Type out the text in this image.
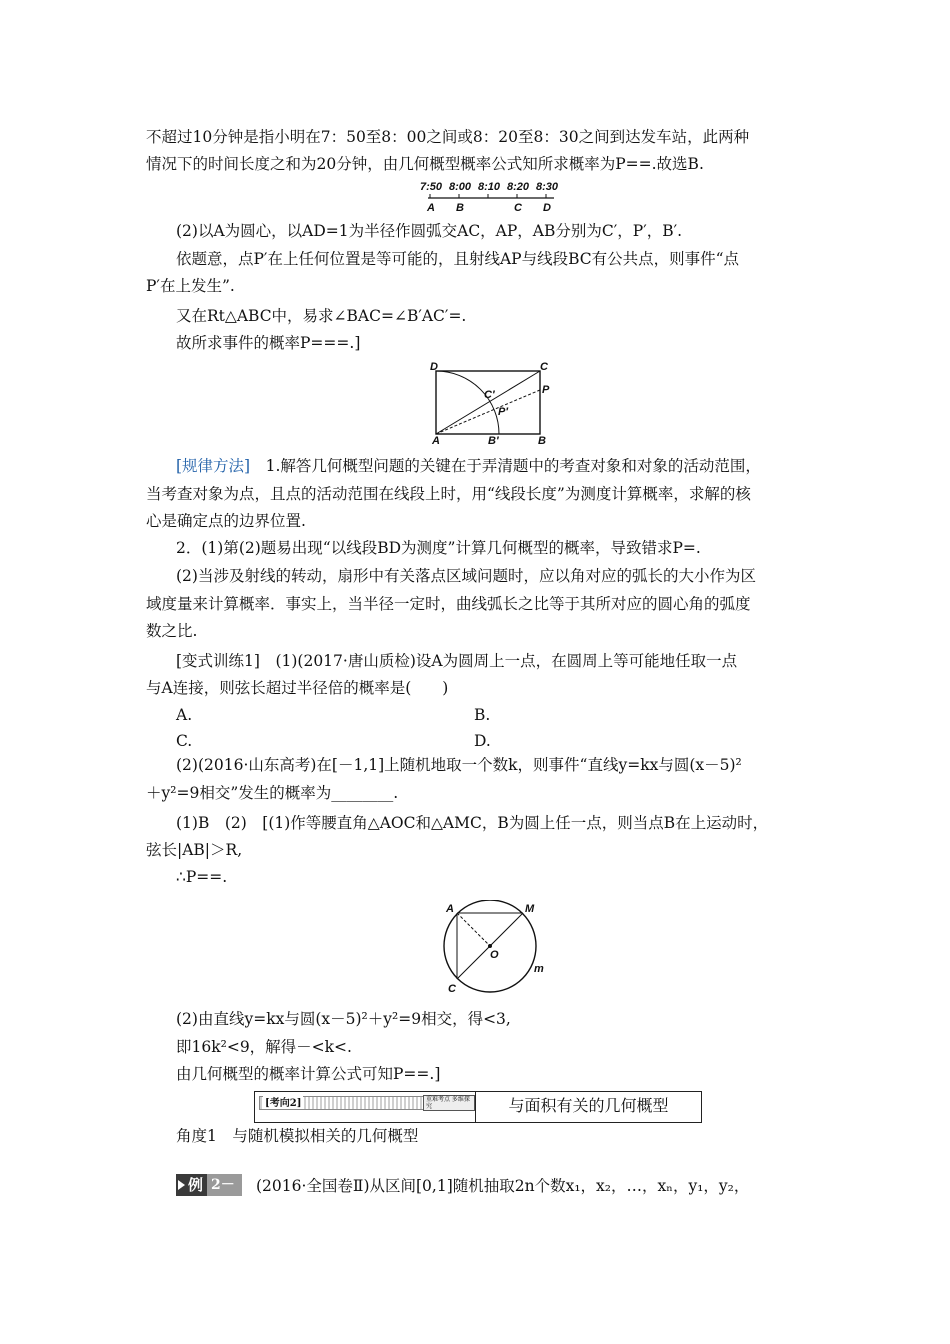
不超过10分钟是指小明在7：50至8：00之间或8：20至8：30之间到达发车站，此两种
情况下的时间长度之和为20分钟，由几何概型概率公式知所求概率为P==.故选B.
7:50 8:00 8:10 8:20 8:30
A B	C D
(2)以A为圆心，以AD=1为半径作圆弧交AC，AP，AB分别为C′，P′，B′.
依题意，点P′在上任何位置是等可能的，且射线AP与线段BC有公共点，则事件“点
P′在上发生”.
又在Rt△ABC中，易求∠BAC=∠B′AC′=.
故所求事件的概率P===.]
D	C
C′	P
P′
A	B′	B
[规律方法]　 1.解答几何概型问题的关键在于弄清题中的考查对象和对象的活动范围，
当考查对象为点，且点的活动范围在线段上时，用“线段长度”为测度计算概率，求解的核
心是确定点的边界位置.
2．(1)第(2)题易出现“以线段BD为测度”计算几何概型的概率，导致错求P=.
(2)当涉及射线的转动，扇形中有关落点区域问题时，应以角对应的弧长的大小作为区
域度量来计算概率．事实上，当半径一定时，曲线弧长之比等于其所对应的圆心角的弧度
数之比.
[变式训练1]　(1)(2017·唐山质检)设A为圆周上一点，在圆周上等可能地任取一点
与A连接，则弦长超过半径倍的概率是(　　)
A.	B.
C.	D.
(2)(2016·山东高考)在[－1,1]上随机地取一个数k，则事件“直线y=kx与圆(x－5)²
＋y²=9相交”发生的概率为________.
(1)B　(2)　[(1)作等腰直角△AOC和△AMC，B为圆上任一点，则当点B在上运动时，
弦长|AB|＞R,
∴P==.
A	M
O
C
m
(2)由直线y=kx与圆(x－5)²＋y²=9相交，得<3,
即16k²<9，解得－<k<.
由几何概型的概率计算公式可知P==.]
[考向2]	重难考点 多维探究	与面积有关的几何概型
角度1　与随机模拟相关的几何概型
例 2－1
(2016·全国卷Ⅱ)从区间[0,1]随机抽取2n个数x₁，x₂，…，xₙ，y₁，y₂，
